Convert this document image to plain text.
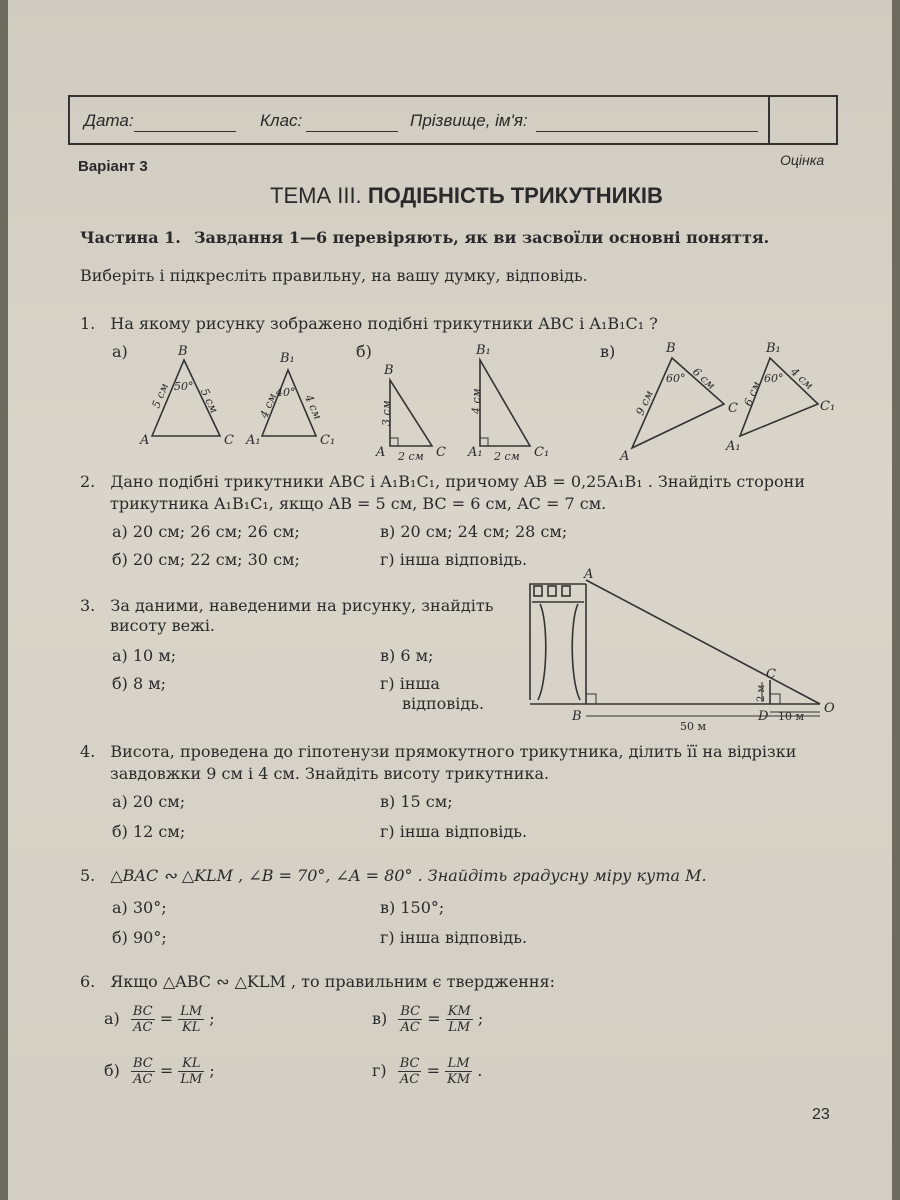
Дата:	Клас:	Прізвище, ім'я:
Варіант 3	Оцінка
ТЕМА III. ПОДІБНІСТЬ ТРИКУТНИКІВ
Частина 1. Завдання 1—6 перевіряють, як ви засвоїли основні поняття.
Виберіть і підкресліть правильну, на вашу думку, відповідь.
1. На якому рисунку зображено подібні трикутники ABC і A₁B₁C₁ ?
а)	б)	в)
A
B
C
50°
5 см 5 см
A₁
B₁
C₁
40°
4 см 4 см
A
B
C
3 см
2 см	A₁
B₁
C₁
4 см
2 см	A
B
C
60°
9 см
6 см
A₁
B₁
C₁
60°
6 см
4 см
A
B
C
D
O
2 м
10 м
50 м
2. Дано подібні трикутники ABC і A₁B₁C₁, причому AB = 0,25A₁B₁ . Знайдіть сторони
трикутника A₁B₁C₁, якщо AB = 5 см, BC = 6 см, AC = 7 см.
а) 20 см; 26 см; 26 см;
б) 20 см; 22 см; 30 см;
в) 20 см; 24 см; 28 см;
г) інша відповідь.
3. За даними, наведеними на рисунку, знайдіть
висоту вежі.
а) 10 м;
б) 8 м;
в) 6 м;
г) інша
відповідь.
4. Висота, проведена до гіпотенузи прямокутного трикутника, ділить її на відрізки
завдовжки 9 см і 4 см. Знайдіть висоту трикутника.
а) 20 см;
б) 12 см;
в) 15 см;
г) інша відповідь.
5. △BAC ∾ △KLM , ∠B = 70°, ∠A = 80° . Знайдіть градусну міру кута M.
а) 30°;
б) 90°;
в) 150°;
г) інша відповідь.
6. Якщо △ABC ∾ △KLM , то правильним є твердження:
$а) \frac{BC}{AC} = \frac{LM}{KL}$ ;
$б) \frac{BC}{AC} = \frac{KL}{LM}$ ;
$в) \frac{BC}{AC} = \frac{KM}{LM}$ ;
$г) \frac{BC}{AC} = \frac{LM}{KM}$ .
23
